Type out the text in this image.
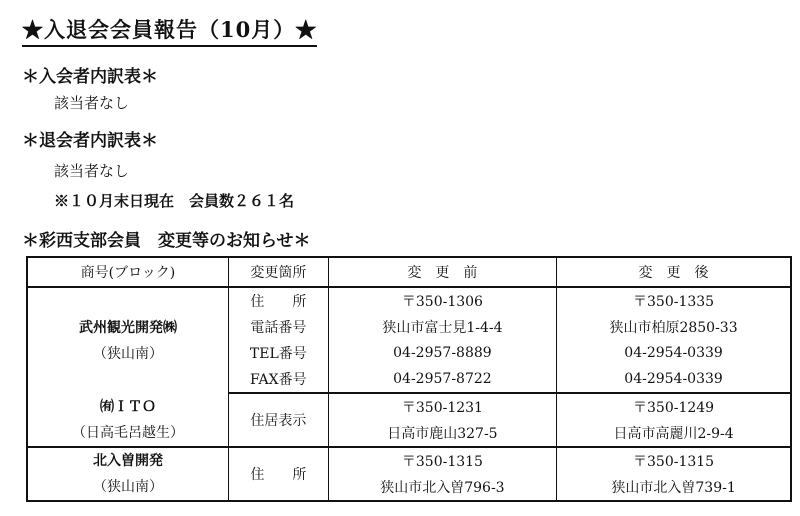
★入退会会員報告（10月）★
＊入会者内訳表＊
該当者なし
＊退会者内訳表＊
該当者なし
※１０月末日現在　会員数２６１名
＊彩西支部会員　変更等のお知らせ＊
商号(ブロック)	変更箇所	変　更　前	変　更　後

武州観光開発㈱
（狭山南）	住　　所	〒350-1306	〒350-1335
	電話番号	狭山市富士見1-4-4	狭山市柏原2850-33
	TEL番号	04-2957-8889	04-2954-0339
	FAX番号	04-2957-8722	04-2954-0339

㈲ＩＴＯ
（日高毛呂越生）	住居表示	〒350-1231	〒350-1249
		日高市鹿山327-5	日高市高麗川2-9-4

北入曽開発
（狭山南）	住　　所	〒350-1315	〒350-1315
		狭山市北入曽796-3	狭山市北入曽739-1
